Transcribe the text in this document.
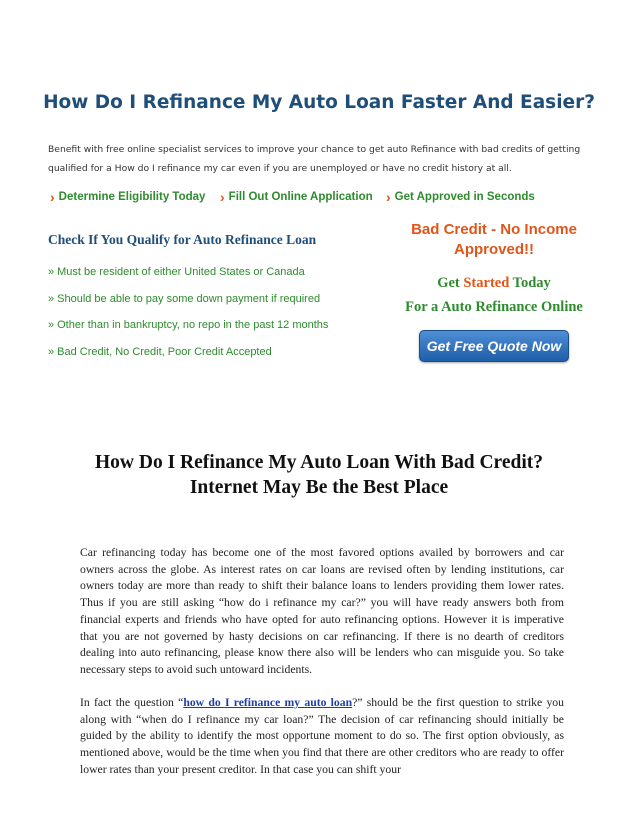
How Do I Refinance My Auto Loan Faster And Easier?

Benefit with free online specialist services to improve your chance to get auto Refinance with bad credits of getting qualified for a How do I refinance my car even if you are unemployed or have no credit history at all.

› Determine Eligibility Today › Fill Out Online Application › Get Approved in Seconds
Check If You Qualify for Auto Refinance Loan
» Must be resident of either United States or Canada
» Should be able to pay some down payment if required
» Other than in bankruptcy, no repo in the past 12 months
» Bad Credit, No Credit, Poor Credit Accepted

Bad Credit - No Income Approved!!

Get Started Today
For a Auto Refinance Online
Get Free Quote Now >>
How Do I Refinance My Auto Loan With Bad Credit?
Internet May Be the Best Place

Car refinancing today has become one of the most favored options availed by borrowers and car owners across the globe. As interest rates on car loans are revised often by lending institutions, car owners today are more than ready to shift their balance loans to lenders providing them lower rates. Thus if you are still asking “how do i refinance my car?” you will have ready answers both from financial experts and friends who have opted for auto refinancing options. However it is imperative that you are not governed by hasty decisions on car refinancing. If there is no dearth of creditors dealing into auto refinancing, please know there also will be lenders who can misguide you. So take necessary steps to avoid such untoward incidents.

In fact the question “how do I refinance my auto loan?” should be the first question to strike you along with “when do I refinance my car loan?” The decision of car refinancing should initially be guided by the ability to identify the most opportune moment to do so. The first option obviously, as mentioned above, would be the time when you find that there are other creditors who are ready to offer lower rates than your present creditor. In that case you can shift your
